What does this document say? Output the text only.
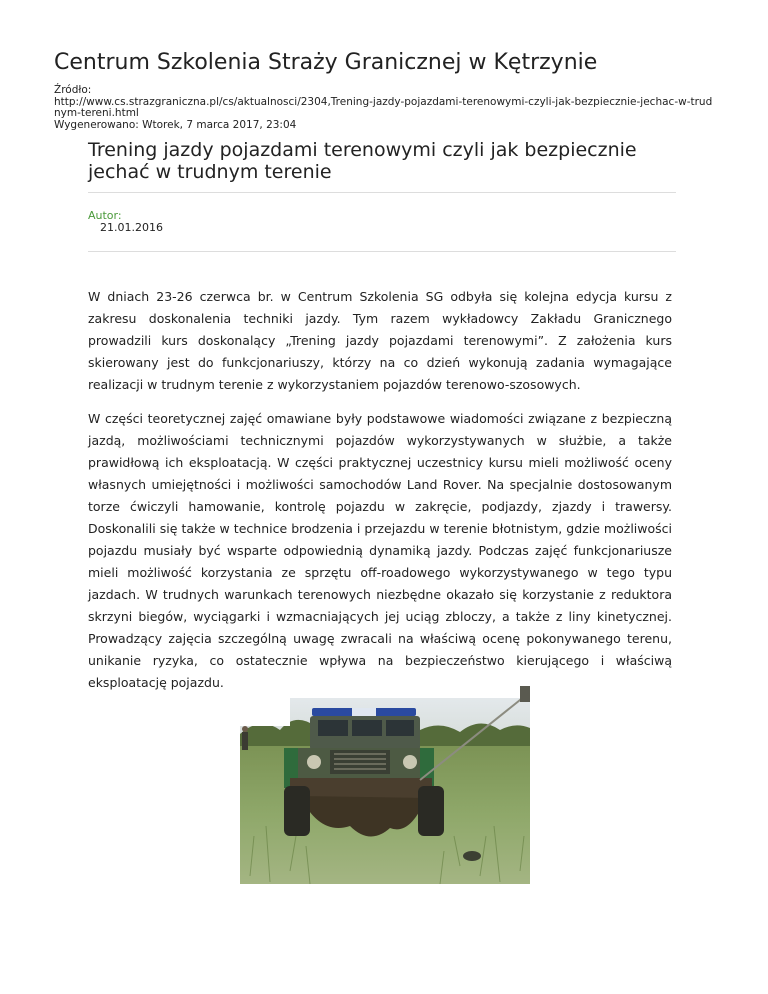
Centrum Szkolenia Straży Granicznej w Kętrzynie
Źródło:
http://www.cs.strazgraniczna.pl/cs/aktualnosci/2304,Trening-jazdy-pojazdami-terenowymi-czyli-jak-bezpiecznie-jechac-w-trudnym-tereni.html
Wygenerowano: Wtorek, 7 marca 2017, 23:04
Trening jazdy pojazdami terenowymi czyli jak bezpiecznie jechać w trudnym terenie
Autor:
21.01.2016

W dniach 23-26 czerwca br. w Centrum Szkolenia SG odbyła się kolejna edycja kursu z zakresu doskonalenia techniki jazdy. Tym razem wykładowcy Zakładu Granicznego prowadzili kurs doskonalący „Trening jazdy pojazdami terenowymi”. Z założenia kurs skierowany jest do funkcjonariuszy, którzy na co dzień wykonują zadania wymagające realizacji w trudnym terenie z wykorzystaniem pojazdów terenowo-szosowych.

W części teoretycznej zajęć omawiane były podstawowe wiadomości związane z bezpieczną jazdą, możliwościami technicznymi pojazdów wykorzystywanych w służbie, a także prawidłową ich eksploatacją. W części praktycznej uczestnicy kursu mieli możliwość oceny własnych umiejętności i możliwości samochodów Land Rover. Na specjalnie dostosowanym torze ćwiczyli hamowanie, kontrolę pojazdu w zakręcie, podjazdy, zjazdy i trawersy. Doskonalili się także w technice brodzenia i przejazdu w terenie błotnistym, gdzie możliwości pojazdu musiały być wsparte odpowiednią dynamiką jazdy. Podczas zajęć funkcjonariusze mieli możliwość korzystania ze sprzętu off-roadowego wykorzystywanego w tego typu jazdach. W trudnych warunkach terenowych niezbędne okazało się korzystanie z reduktora skrzyni biegów, wyciągarki i wzmacniających jej uciąg zbloczy, a także z liny kinetycznej. Prowadzący zajęcia szczególną uwagę zwracali na właściwą ocenę pokonywanego terenu, unikanie ryzyka, co ostatecznie wpływa na bezpieczeństwo kierującego i właściwą eksploatację pojazdu.
